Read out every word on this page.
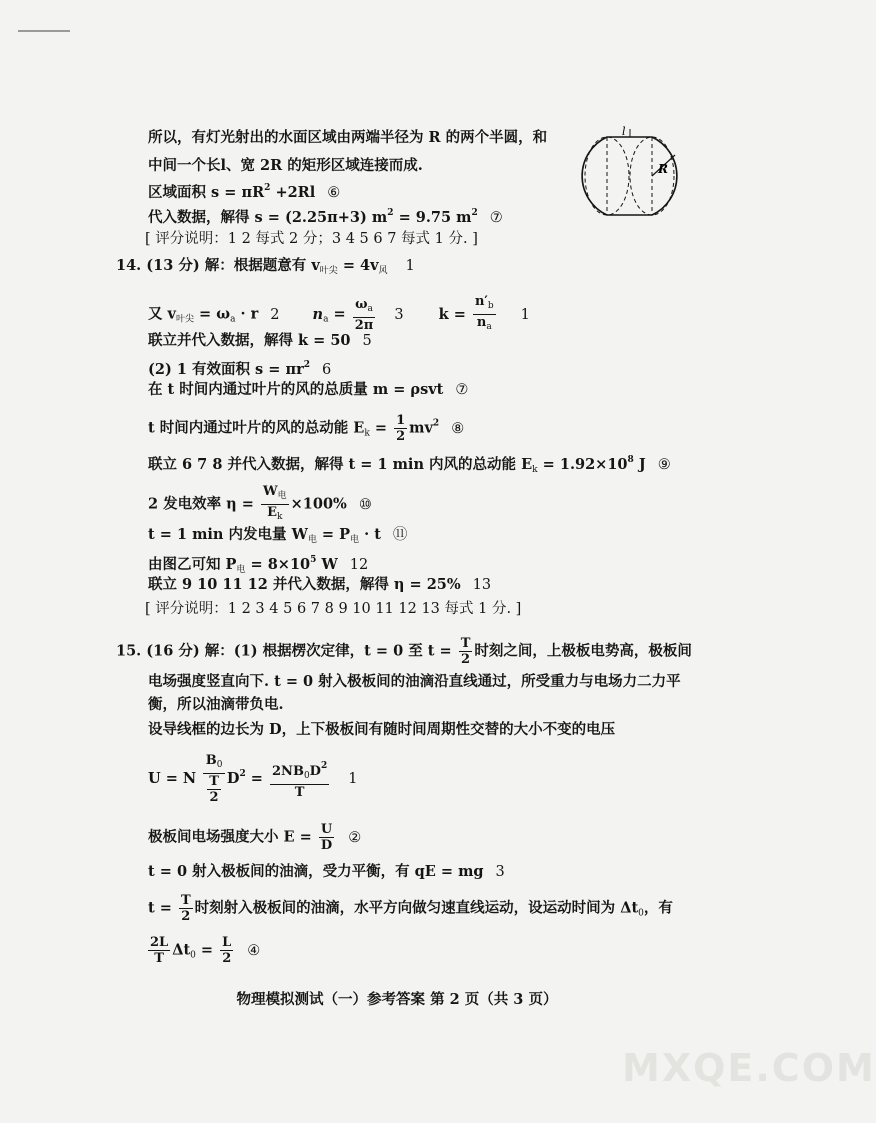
所以，有灯光射出的水面区域由两端半径为 R 的两个半圆，和
中间一个长l、宽 2R 的矩形区域连接而成.
区域面积 $s = \pi R^2 +2Rl$ ⑥
代入数据，解得 s = (2.25π+3) $m^2 = 9.75$ $m^2$ ⑦
[ 评分说明：1 2 每式 2 分；3 4 5 6 7 每式 1 分. ]
l
R
14. (13 分) 解：根据题意有 $v_{叶尖} = 4v_风$ 1
又 $v_{叶尖} = \omega_a \cdot r$ 2 $n_a = \frac{\omega_a}{2\pi} 3$ $k = \frac{n'_b}{n_a} 1$
联立并代入数据，解得 k = 50 5
(2) 1 有效面积 $s = \pi r^2$ 6
在 t 时间内通过叶片的风的总质量 m = ρsvt ⑦
t 时间内通过叶片的风的总动能 $E_k = \frac{1}{2} mv^2$ ⑧
联立 6 7 8 并代入数据，解得 t = 1 min 内风的总动能 $E_k = 1.92\times 10^8$ J ⑨
2 发电效率 $\eta = \frac{W_电}{E_k} \times 100\%$ ⑩
t = 1 min 内发电量 $W_电 = P_电 \cdot t$ ⑪
由图乙可知 $P_电 = 8\times 10^5$ W 12
联立 9 10 11 12 并代入数据，解得 η = 25% 13
[ 评分说明：1 2 3 4 5 6 7 8 9 10 11 12 13 每式 1 分. ]
15. (16 分) 解：(1) 根据楞次定律，t = 0 至 $t = \frac{T}{2}$ 时刻之间，上极板电势高，极板间
电场强度竖直向下. t = 0 射入极板间的油滴沿直线通过，所受重力与电场力二力平
衡，所以油滴带负电.
设导线框的边长为 D，上下极板间有随时间周期性交替的大小不变的电压
U = N $\frac{B_0}{\frac{T}{2}} D^2 = \frac{2NB_0D^2}{T} 1$
极板间电场强度大小 $E = \frac{U}{D}$ ②
t = 0 射入极板间的油滴，受力平衡，有 qE = mg 3
$t = \frac{T}{2}$ 时刻射入极板间的油滴，水平方向做匀速直线运动，设运动时间为 $\Delta t_0$，有
$\frac{2L}{T} \Delta t_0 = \frac{L}{2}$ ④
物理模拟测试（一）参考答案 第 2 页（共 3 页）
MXQE.COM
